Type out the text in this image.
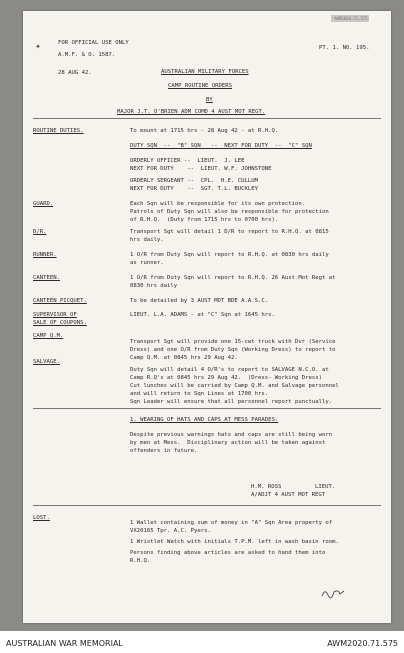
AWM2020.71.575
✦	FOR OFFICIAL USE ONLY
A.M.F. & O. 1587.
28 AUG 42.
PT. 1. NO. 195.
AUSTRALIAN MILITARY FORCES
CAMP ROUTINE ORDERS
BY
MAJOR J.T. O'BRIEN ADM COMD 4 AUST MOT REGT.
ROUTINE DUTIES.	To mount at 1715 hrs - 28 Aug 42 - at R.H.Q.
DUTY SQN  --  "B" SQN   --  NEXT FOR DUTY  --  "C" SQN
ORDERLY OFFICER --  LIEUT.  J. LEE
NEXT FOR DUTY    --  LIEUT. W.F. JOHNSTONE
ORDERLY SERGEANT --  CPL.  H.E. CULLUM
NEXT FOR DUTY    --  SGT. T.L. BUCKLEY
GUARD.	Each Sqn will be responsible for its own protection.
Patrols of Duty Sqn will also be responsible for protection
of R.H.Q.  (Duty from 1715 hrs to 0700 hrs).
D/R.	Transport Sgt will detail 1 D/R to report to R.H.Q. at 0815
hrs daily.
RUNNER.	1 O/R from Duty Sqn will report to R.H.Q. at 0830 hrs daily
as runner.
CANTEEN.	1 O/R from Duty Sqn will report to R.H.Q. 26 Aust Mot Regt at
0830 hrs daily
CANTEEN PICQUET.	To be detailed by 3 AUST MOT BDE A.A.S.C.
SUPERVISOR OF
SALE OF COUPONS.
LIEUT. L.A. ADAMS - at "C" Sqn at 1645 hrs.
CAMP Q.M.
Transport Sgt will provide one 15-cwt truck with Dvr (Service
Dress) and one O/R from Duty Sqn (Working Dress) to report to
Camp Q.M. at 0845 hrs 29 Aug 42.
SALVAGE.
Duty Sqn will detail 4 O/R's to report to SALVAGE N.C.O. at
Camp R.Q's at 0845 hrs 29 Aug 42.  (Dress- Working Dress)
Cut lunches will be carried by Camp Q.M. and Salvage personnel
and will return to Sqn Lines at 1700 hrs.
Sqn Leader will ensure that all personnel report punctually.
1. WEARING OF HATS AND CAPS AT MESS PARADES.
Despite previous warnings hats and caps are still being worn
by men at Mess.  Disciplinary action will be taken against
offenders in future.
H.M. ROSS          LIEUT.
A/ADJT 4 AUST MOT REGT
LOST.
1 Wallet containing sum of money in "A" Sqn Area property of
VX20165 Tpr. A.C. Pyers.
1 Wristlet Watch with initials T.P.M. left in wash basin room.
Persons finding above articles are asked to hand them into
R.H.Q.
AUSTRALIAN WAR MEMORIAL	AWM2020.71.575
